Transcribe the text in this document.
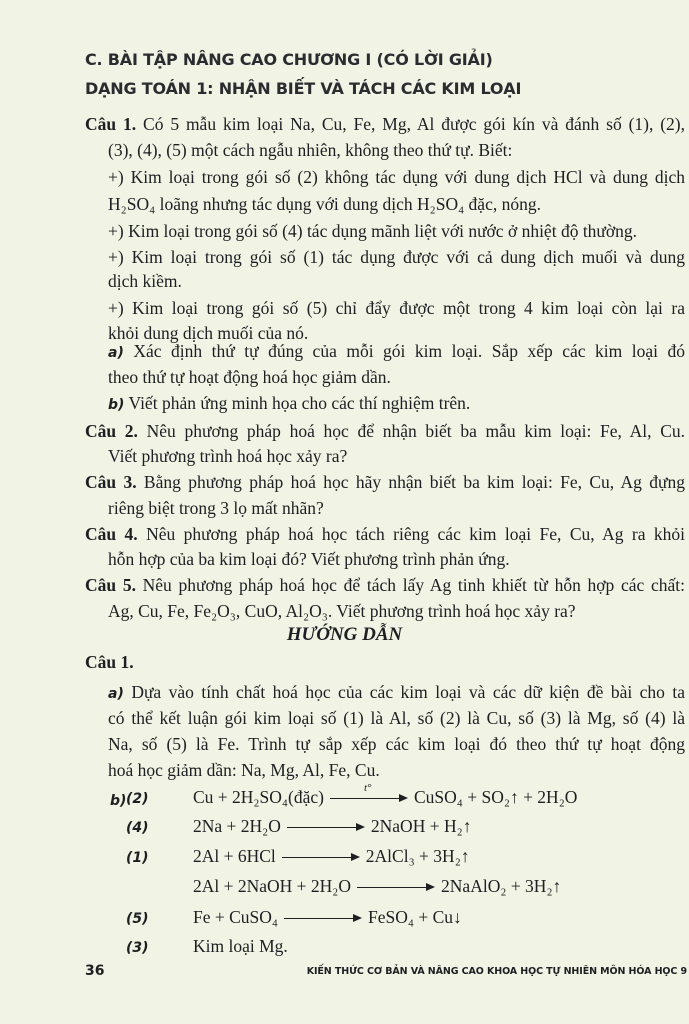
C. BÀI TẬP NÂNG CAO CHƯƠNG I (CÓ LỜI GIẢI)
DẠNG TOÁN 1: NHẬN BIẾT VÀ TÁCH CÁC KIM LOẠI
Câu 1. Có 5 mẫu kim loại Na, Cu, Fe, Mg, Al được gói kín và đánh số (1), (2),
(3), (4), (5) một cách ngẫu nhiên, không theo thứ tự. Biết:
+) Kim loại trong gói số (2) không tác dụng với dung dịch HCl và dung dịch
H₂SO₄ loãng nhưng tác dụng với dung dịch H₂SO₄ đặc, nóng.
+) Kim loại trong gói số (4) tác dụng mãnh liệt với nước ở nhiệt độ thường.
+) Kim loại trong gói số (1) tác dụng được với cả dung dịch muối và dung
dịch kiềm.
+) Kim loại trong gói số (5) chỉ đẩy được một trong 4 kim loại còn lại ra
khỏi dung dịch muối của nó.
a) Xác định thứ tự đúng của mỗi gói kim loại. Sắp xếp các kim loại đó
theo thứ tự hoạt động hoá học giảm dần.
b) Viết phản ứng minh họa cho các thí nghiệm trên.
Câu 2. Nêu phương pháp hoá học để nhận biết ba mẫu kim loại: Fe, Al, Cu.
Viết phương trình hoá học xảy ra?
Câu 3. Bằng phương pháp hoá học hãy nhận biết ba kim loại: Fe, Cu, Ag đựng
riêng biệt trong 3 lọ mất nhãn?
Câu 4. Nêu phương pháp hoá học tách riêng các kim loại Fe, Cu, Ag ra khỏi
hỗn hợp của ba kim loại đó? Viết phương trình phản ứng.
Câu 5. Nêu phương pháp hoá học để tách lấy Ag tinh khiết từ hỗn hợp các chất:
Ag, Cu, Fe, Fe₂O₃, CuO, Al₂O₃. Viết phương trình hoá học xảy ra?
HƯỚNG DẪN
Câu 1.
a) Dựa vào tính chất hoá học của các kim loại và các dữ kiện đề bài cho ta
có thể kết luận gói kim loại số (1) là Al, số (2) là Cu, số (3) là Mg, số (4) là
Na, số (5) là Fe. Trình tự sắp xếp các kim loại đó theo thứ tự hoạt động
hoá học giảm dần: Na, Mg, Al, Fe, Cu.
b) (2)	Cu + 2H₂SO₄(đặc)	t° CuSO₄ + SO₂↑ + 2H₂O
(4)	2Na + 2H₂O	2NaOH + H₂↑
(1)	2Al + 6HCl	2AlCl₃ + 3H₂↑
2Al + 2NaOH + 2H₂O	2NaAlO₂ + 3H₂↑
(5)	Fe + CuSO₄	FeSO₄ + Cu↓
(3)	Kim loại Mg.
36	KIẾN THỨC CƠ BẢN VÀ NÂNG CAO KHOA HỌC TỰ NHIÊN MÔN HÓA HỌC 9
